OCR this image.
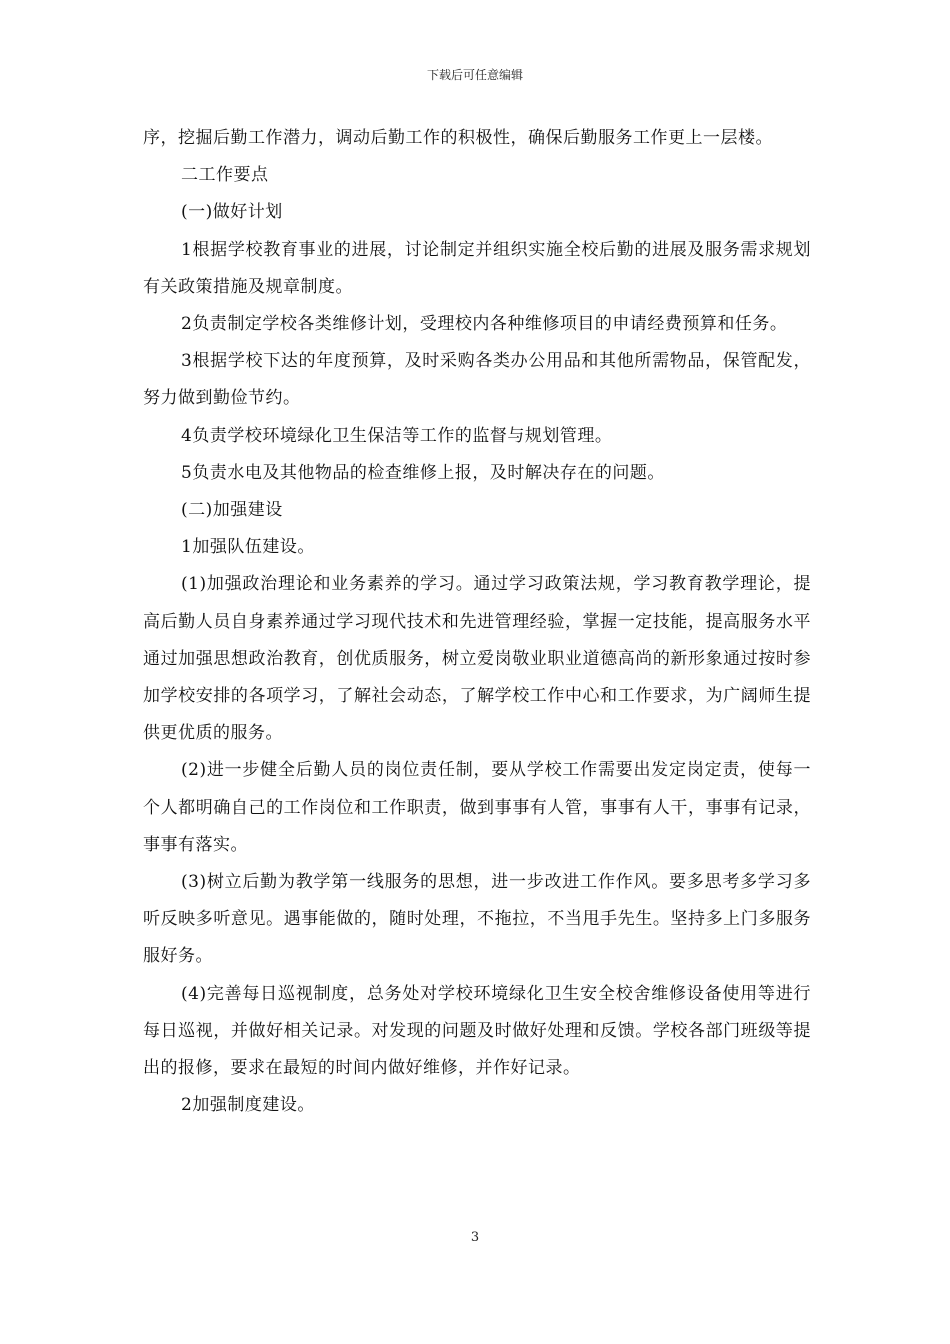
下载后可任意编辑

序，挖掘后勤工作潜力，调动后勤工作的积极性，确保后勤服务工作更上一层楼。

二工作要点

(一)做好计划

1根据学校教育事业的进展，讨论制定并组织实施全校后勤的进展及服务需求规划有关政策措施及规章制度。

2负责制定学校各类维修计划，受理校内各种维修项目的申请经费预算和任务。

3根据学校下达的年度预算，及时采购各类办公用品和其他所需物品，保管配发，努力做到勤俭节约。

4负责学校环境绿化卫生保洁等工作的监督与规划管理。

5负责水电及其他物品的检查维修上报，及时解决存在的问题。

(二)加强建设

1加强队伍建设。

(1)加强政治理论和业务素养的学习。通过学习政策法规，学习教育教学理论，提高后勤人员自身素养通过学习现代技术和先进管理经验，掌握一定技能，提高服务水平通过加强思想政治教育，创优质服务，树立爱岗敬业职业道德高尚的新形象通过按时参加学校安排的各项学习，了解社会动态，了解学校工作中心和工作要求，为广阔师生提供更优质的服务。

(2)进一步健全后勤人员的岗位责任制，要从学校工作需要出发定岗定责，使每一个人都明确自己的工作岗位和工作职责，做到事事有人管，事事有人干，事事有记录，事事有落实。

(3)树立后勤为教学第一线服务的思想，进一步改进工作作风。要多思考多学习多听反映多听意见。遇事能做的，随时处理，不拖拉，不当甩手先生。坚持多上门多服务服好务。

(4)完善每日巡视制度，总务处对学校环境绿化卫生安全校舍维修设备使用等进行每日巡视，并做好相关记录。对发现的问题及时做好处理和反馈。学校各部门班级等提出的报修，要求在最短的时间内做好维修，并作好记录。

2加强制度建设。

3
